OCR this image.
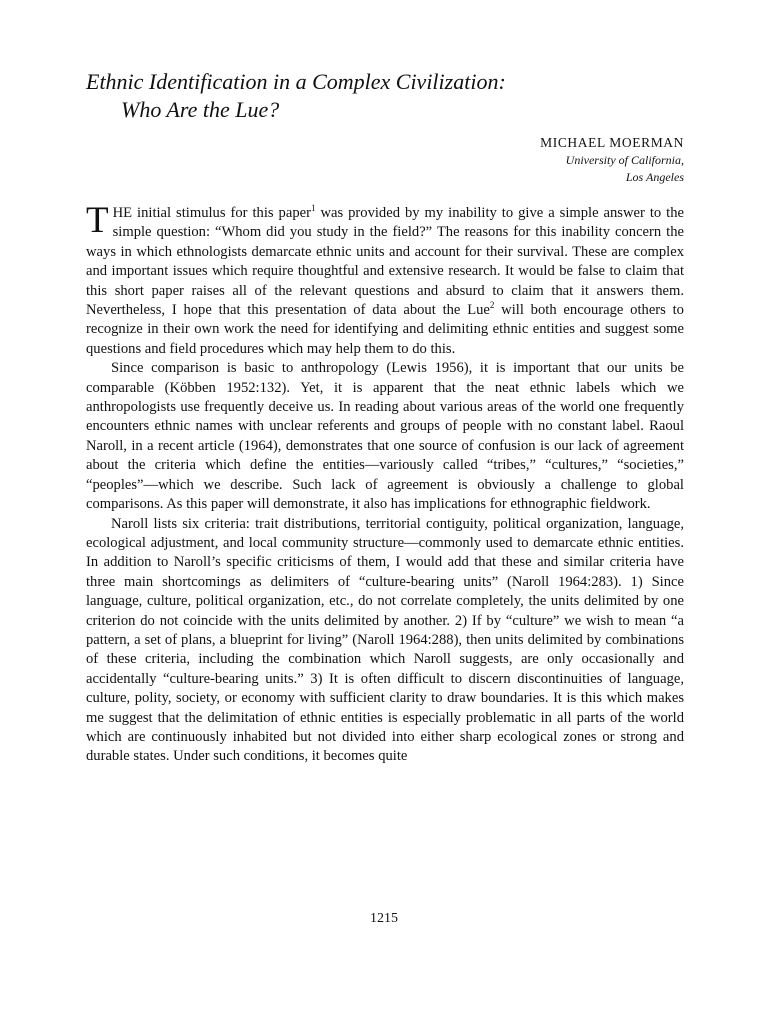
Ethnic Identification in a Complex Civilization:
Who Are the Lue?
MICHAEL MOERMAN
University of California,
Los Angeles

THE initial stimulus for this paper$^1$ was provided by my inability to give a simple answer to the simple question: “Whom did you study in the field?” The reasons for this inability concern the ways in which ethnologists demarcate ethnic units and account for their survival. These are complex and important issues which require thoughtful and extensive research. It would be false to claim that this short paper raises all of the relevant questions and absurd to claim that it answers them. Nevertheless, I hope that this presentation of data about the Lue$^2$ will both encourage others to recognize in their own work the need for identifying and delimiting ethnic entities and suggest some questions and field procedures which may help them to do this.

Since comparison is basic to anthropology (Lewis 1956), it is important that our units be comparable (Köbben 1952:132). Yet, it is apparent that the neat ethnic labels which we anthropologists use frequently deceive us. In reading about various areas of the world one frequently encounters ethnic names with unclear referents and groups of people with no constant label. Raoul Naroll, in a recent article (1964), demonstrates that one source of confusion is our lack of agreement about the criteria which define the entities—variously called “tribes,” “cultures,” “societies,” “peoples”—which we describe. Such lack of agreement is obviously a challenge to global comparisons. As this paper will demonstrate, it also has implications for ethnographic fieldwork.

Naroll lists six criteria: trait distributions, territorial contiguity, political organization, language, ecological adjustment, and local community structure—commonly used to demarcate ethnic entities. In addition to Naroll’s specific criticisms of them, I would add that these and similar criteria have three main shortcomings as delimiters of “culture-bearing units” (Naroll 1964:283). 1) Since language, culture, political organization, etc., do not correlate completely, the units delimited by one criterion do not coincide with the units delimited by another. 2) If by “culture” we wish to mean “a pattern, a set of plans, a blueprint for living” (Naroll 1964:288), then units delimited by combinations of these criteria, including the combination which Naroll suggests, are only occasionally and accidentally “culture-bearing units.” 3) It is often difficult to discern discontinuities of language, culture, polity, society, or economy with sufficient clarity to draw boundaries. It is this which makes me suggest that the delimitation of ethnic entities is especially problematic in all parts of the world which are continuously inhabited but not divided into either sharp ecological zones or strong and durable states. Under such conditions, it becomes quite

1215
